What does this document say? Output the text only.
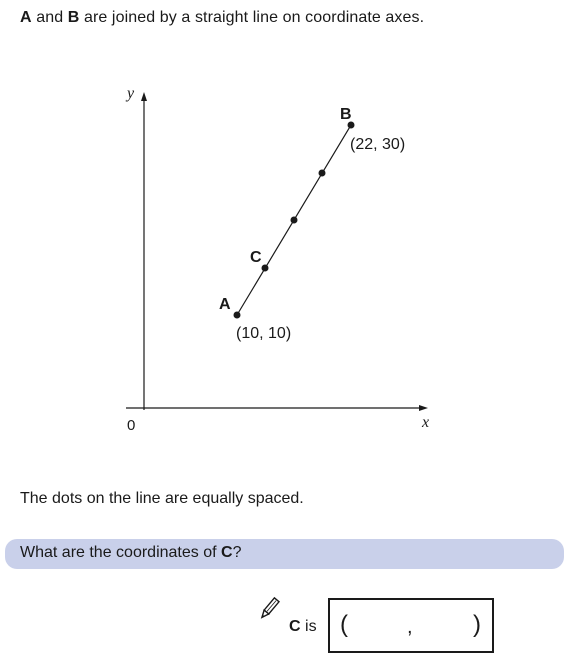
A and B are joined by a straight line on coordinate axes.
y
x
0
A
C
B
(10, 10)
(22, 30)
The dots on the line are equally spaced.
What are the coordinates of C?
C is (	,	)
